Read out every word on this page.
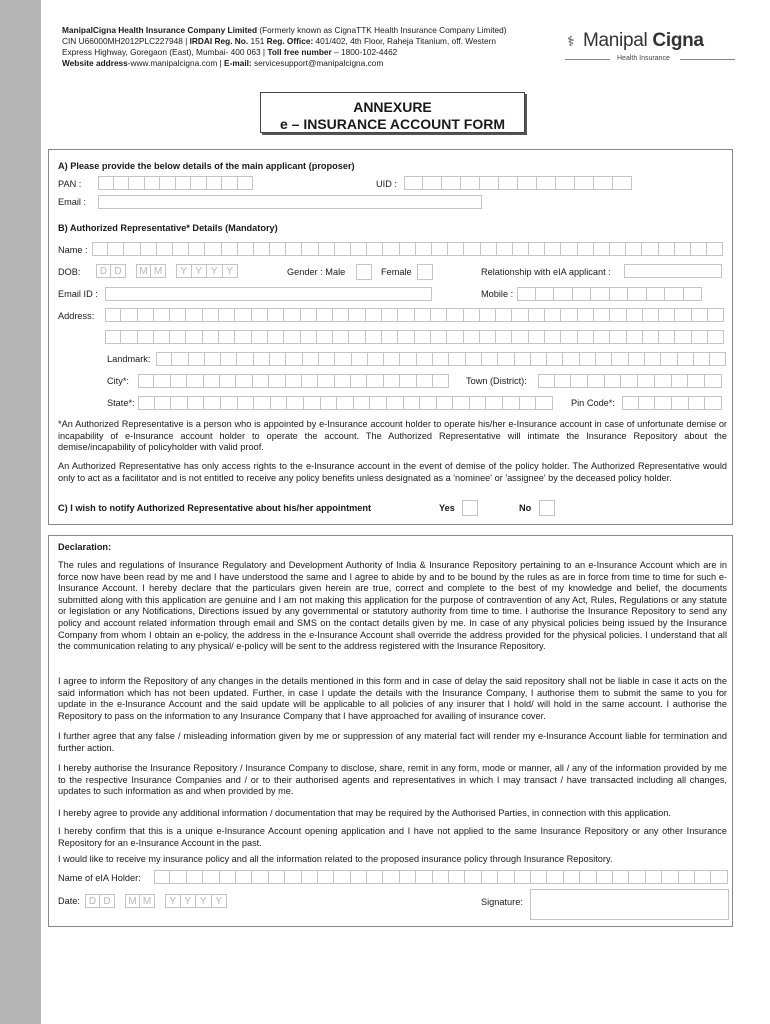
ManipalCigna Health Insurance Company Limited (Formerly known as CignaTTK Health Insurance Company Limited)
CIN U66000MH2012PLC227948 | IRDAI Reg. No. 151 Reg. Office: 401/402, 4th Floor, Raheja Titanium, off. Western
Express Highway, Goregaon (East), Mumbai- 400 063 | Toll free number – 1800-102-4462
Website address-www.manipalcigna.com | E-mail: servicesupport@manipalcigna.com
⚕ Manipal Cigna
Health Insurance
ANNEXURE
e – INSURANCE ACCOUNT FORM
A) Please provide the below details of the main applicant (proposer)
PAN :	UID :
Email :
B) Authorized Representative* Details (Mandatory)
Name :
DOB:	D D	M M	Y Y Y Y	Gender : Male	Female	Relationship with eIA applicant :
Email ID :	Mobile :
Address:
Landmark:
City*:	Town (District):
State*:	Pin Code*:
*An Authorized Representative is a person who is appointed by e-Insurance account holder to operate his/her e-Insurance account in case of unfortunate demise or incapability of e-Insurance account holder to operate the account. The Authorized Representative will intimate the Insurance Repository about the demise/incapability of policyholder with valid proof.
An Authorized Representative has only access rights to the e-Insurance account in the event of demise of the policy holder. The Authorized Representative would only to act as a facilitator and is not entitled to receive any policy benefits unless designated as a 'nominee' or 'assignee' by the deceased policy holder.
C) I wish to notify Authorized Representative about his/her appointment	Yes	No
Declaration:
The rules and regulations of Insurance Regulatory and Development Authority of India & Insurance Repository pertaining to an e-Insurance Account which are in force now have been read by me and I have understood the same and I agree to abide by and to be bound by the rules as are in force from time to time for such e-Insurance Account. I hereby declare that the particulars given herein are true, correct and complete to the best of my knowledge and belief, the documents submitted along with this application are genuine and I am not making this application for the purpose of contravention of any Act, Rules, Regulations or any statute or legislation or any Notifications, Directions issued by any governmental or statutory authority from time to time. I authorise the Insurance Repository to send any policy and account related information through email and SMS on the contact details given by me. In case of any physical policies being issued by the Insurance Company from whom I obtain an e-policy, the address in the e-Insurance Account shall override the address provided for the physical policies. I understand that all the communication relating to any physical/ e-policy will be sent to the address registered with the Insurance Repository.
I agree to inform the Repository of any changes in the details mentioned in this form and in case of delay the said repository shall not be liable in case it acts on the said information which has not been updated. Further, in case I update the details with the Insurance Company, I authorise them to submit the same to you for update in the e-Insurance Account and the said update will be applicable to all policies of any insurer that I hold/ will hold in the same account. I authorise the Repository to pass on the information to any Insurance Company that I have approached for availing of insurance cover.
I further agree that any false / misleading information given by me or suppression of any material fact will render my e-Insurance Account liable for termination and further action.
I hereby authorise the Insurance Repository / Insurance Company to disclose, share, remit in any form, mode or manner, all / any of the information provided by me to the respective Insurance Companies and / or to their authorised agents and representatives in which I may transact / have transacted including all changes, updates to such information as and when provided by me.
I hereby agree to provide any additional information / documentation that may be required by the Authorised Parties, in connection with this application.
I hereby confirm that this is a unique e-Insurance Account opening application and I have not applied to the same Insurance Repository or any other Insurance Repository for an e-Insurance Account in the past.
I would like to receive my insurance policy and all the information related to the proposed insurance policy through Insurance Repository.
Name of eIA Holder:
Date: D D	M M	Y Y Y Y	Signature:
